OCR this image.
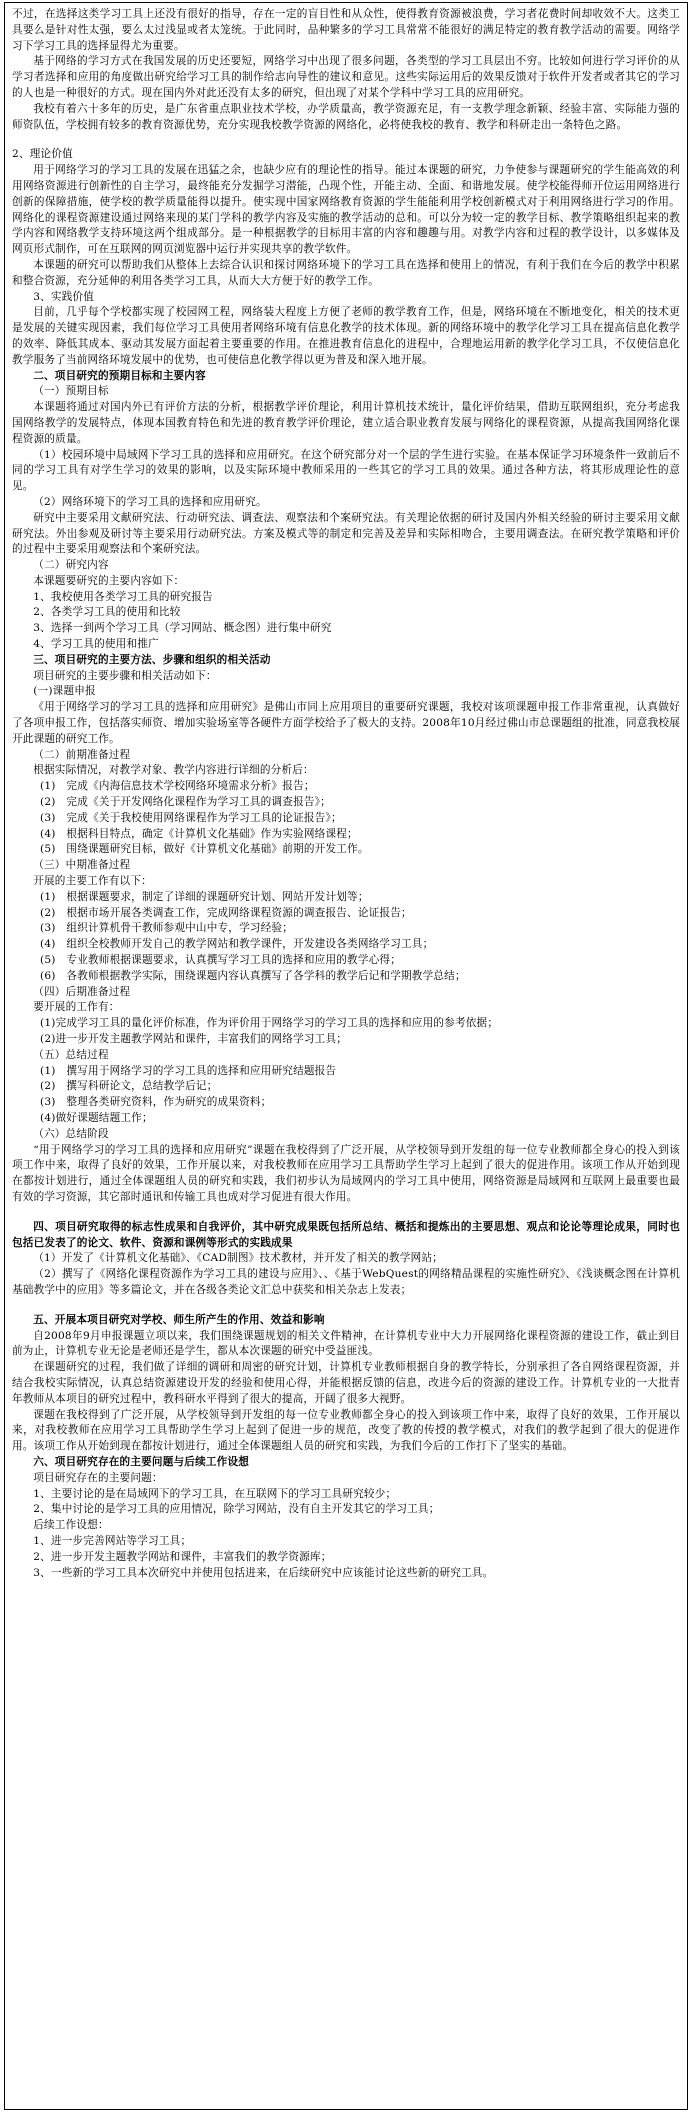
不过，在选择这类学习工具上还没有很好的指导，存在一定的盲目性和从众性，使得教育资源被浪费，学习者花费时间却收效不大。这类工具要么是针对性太强，要么太过浅显或者太笼统。于此同时，品种繁多的学习工具常常不能很好的满足特定的教育教学活动的需要。网络学习下学习工具的选择显得尤为重要。

基于网络的学习方式在我国发展的历史还要短，网络学习中出现了很多问题，各类型的学习工具层出不穷。比较如何进行学习评价的从学习者选择和应用的角度做出研究给学习工具的制作给志向导性的建议和意见。这些实际运用后的效果反馈对于软件开发者或者其它的学习的人也是一种很好的方式。现在国内外对此还没有太多的研究，但出现了对某个学科中学习工具的应用研究。

我校有着六十多年的历史，是广东省重点职业技术学校，办学质量高，教学资源充足，有一支教学理念新颖、经验丰富、实际能力强的师资队伍，学校拥有较多的教育资源优势，充分实现我校教学资源的网络化，必将使我校的教育、教学和科研走出一条特色之路。

2、理论价值

用于网络学习的学习工具的发展在迅猛之余，也缺少应有的理论性的指导。能过本课题的研究，力争使参与课题研究的学生能高效的利用网络资源进行创新性的自主学习，最终能充分发掘学习潜能，凸现个性，开能主动、全面、和谐地发展。使学校能得师开位运用网络进行创新的保障措施，使学校的教学质量能得以提升。使实现中国家网络教育资源的学生能能利用学校创新模式对于利用网络进行学习的作用。网络化的课程资源建设通过网络来现的某门学科的教学内容及实施的教学活动的总和。可以分为较一定的教学目标、教学策略组织起来的教学内容和网络教学支持环境这两个组成部分。是一种根据教学的目标用丰富的内容和趣趣与用。对教学内容和过程的教学设计，以多媒体及网页形式制作，可在互联网的网页浏览器中运行并实现共享的教学软件。

本课题的研究可以帮助我们从整体上去综合认识和探讨网络环境下的学习工具在选择和使用上的情况，有利于我们在今后的教学中积累和整合资源，充分延伸的利用各类学习工具，从而大大方便于好的教学工作。

3、实践价值

目前，几乎每个学校都实现了校园网工程，网络装大程度上方便了老师的教学教育工作，但是，网络环境在不断地变化，相关的技术更是发展的关键实现因素，我们每位学习工具使用者网络环境有信息化教学的技术体现。新的网络环境中的教学化学习工具在提高信息化教学的效率、降低其成本、驱动其发展方面起着主要重要的作用。在推进教育信息化的进程中，合理地运用新的教学化学习工具，不仅使信息化教学服务了当前网络环境发展中的优势，也可使信息化教学得以更为普及和深入地开展。

二、项目研究的预期目标和主要内容

（一）预期目标

本课题将通过对国内外已有评价方法的分析，根据教学评价理论，利用计算机技术统计，量化评价结果，借助互联网组织，充分考虑我国网络教学的发展特点，体现本国教育特色和先进的教育教学评价理论，建立适合职业教育发展与网络化的课程资源，从提高我国网络化课程资源的质量。

（1）校园环境中局域网下学习工具的选择和应用研究。在这个研究部分对一个层的学生进行实验。在基本保证学习环境条件一致前后不同的学习工具有对学生学习的效果的影响，以及实际环境中教师采用的一些其它的学习工具的效果。通过各种方法，将其形成理论性的意见。

（2）网络环境下的学习工具的选择和应用研究。

研究中主要采用文献研究法、行动研究法、调查法、观察法和个案研究法。有关理论依据的研讨及国内外相关经验的研讨主要采用文献研究法。外出参观及研讨等主要采用行动研究法。方案及模式等的制定和完善及差异和实际相吻合，主要用调查法。在研究教学策略和评价的过程中主要采用观察法和个案研究法。

（二）研究内容

本课题要研究的主要内容如下：

1、我校使用各类学习工具的研究报告

2、各类学习工具的使用和比较

3、选择一到两个学习工具（学习网站、概念图）进行集中研究

4、学习工具的使用和推广

三、项目研究的主要方法、步骤和组织的相关活动

项目研究的主要步骤和相关活动如下：

(一)课题申报

《用于网络学习的学习工具的选择和应用研究》是佛山市同上应用项目的重要研究课题，我校对该项课题申报工作非常重视，认真做好了各项申报工作，包括落实师资、增加实验场室等各硬件方面学校给予了极大的支持。2008年10月经过佛山市总课题组的批准，同意我校展开此课题的研究工作。

（二）前期准备过程

根据实际情况，对教学对象、教学内容进行详细的分析后：

(1)　完成《内海信息技术学校网络环境需求分析》报告；

(2)　完成《关于开发网络化课程作为学习工具的调查报告》；

(3)　完成《关于我校使用网络课程作为学习工具的论证报告》；

(4)　根据科目特点，确定《计算机文化基础》作为实验网络课程；

(5)　围绕课题研究目标，做好《计算机文化基础》前期的开发工作。

（三）中期准备过程

开展的主要工作有以下：

(1)　根据课题要求，制定了详细的课题研究计划、网站开发计划等；

(2)　根据市场开展各类调查工作，完成网络课程资源的调查报告、论证报告；

(3)　组织计算机骨干教师参观中山中专，学习经验；

(4)　组织全校教师开发自己的教学网站和教学课件，开发建设各类网络学习工具；

(5)　专业教师根据课题要求，认真撰写学习工具的选择和应用的教学心得；

(6)　各教师根据教学实际，围绕课题内容认真撰写了各学科的教学后记和学期教学总结；

（四）后期准备过程

要开展的工作有：

(1)完成学习工具的量化评价标准，作为评价用于网络学习的学习工具的选择和应用的参考依据；

(2)进一步开发主题教学网站和课件，丰富我们的网络学习工具；

（五）总结过程

(1)　撰写用于网络学习的学习工具的选择和应用研究结题报告

(2)　撰写科研论文，总结教学后记；

(3)　整理各类研究资料，作为研究的成果资料；

(4)做好课题结题工作；

（六）总结阶段

“用于网络学习的学习工具的选择和应用研究”课题在我校得到了广泛开展，从学校领导到开发组的每一位专业教师都全身心的投入到该项工作中来，取得了良好的效果，工作开展以来，对我校教师在应用学习工具帮助学生学习上起到了很大的促进作用。该项工作从开始到现在都按计划进行，通过全体课题组人员的研究和实践，我们初步认为局域网内的学习工具中使用，网络资源是局域网和互联网上最重要也最有效的学习资源，其它部时通讯和传输工具也成对学习促进有很大作用。

四、项目研究取得的标志性成果和自我评价，其中研究成果既包括所总结、概括和提炼出的主要思想、观点和论论等理论成果，同时也包括已发表了的论文、软件、资源和课例等形式的实践成果

（1）开发了《计算机文化基础》、《CAD制图》技术教材，并开发了相关的教学网站；

（2）撰写了《网络化课程资源作为学习工具的建设与应用》、、《基于WebQuest的网络精品课程的实施性研究》、《浅谈概念图在计算机基础教学中的应用》等多篇论文，并在各级各类论文汇总中获奖和相关杂志上发表；

五、开展本项目研究对学校、师生所产生的作用、效益和影响

自2008年9月申报课题立项以来，我们围绕课题规划的相关文件精神，在计算机专业中大力开展网络化课程资源的建设工作，截止到目前为止，计算机专业无论是老师还是学生，都从本次课题的研究中受益匪浅。

在课题研究的过程，我们做了详细的调研和周密的研究计划，计算机专业教师根据自身的教学特长，分别承担了各自网络课程资源，并结合我校实际情况，认真总结资源建设开发的经验和使用心得，并能根据反馈的信息，改进今后的资源的建设工作。计算机专业的一大批青年教师从本项目的研究过程中，教科研水平得到了很大的提高，开阔了很多大视野。

课题在我校得到了广泛开展，从学校领导到开发组的每一位专业教师都全身心的投入到该项工作中来，取得了良好的效果，工作开展以来，对我校教师在应用学习工具帮助学生学习上起到了促进一步的规范，改变了教的传授的教学模式，对我们的教学起到了很大的促进作用。该项工作从开始到现在都按计划进行，通过全体课题组人员的研究和实践，为我们今后的工作打下了坚实的基础。

六、项目研究存在的主要问题与后续工作设想

项目研究存在的主要问题：

1、主要讨论的是在局域网下的学习工具，在互联网下的学习工具研究较少；

2、集中讨论的是学习工具的应用情况，除学习网站，没有自主开发其它的学习工具；

后续工作设想：

1、进一步完善网站等学习工具；

2、进一步开发主题教学网站和课件，丰富我们的教学资源库；

3、一些新的学习工具本次研究中并使用包括进来，在后续研究中应该能讨论这些新的研究工具。
